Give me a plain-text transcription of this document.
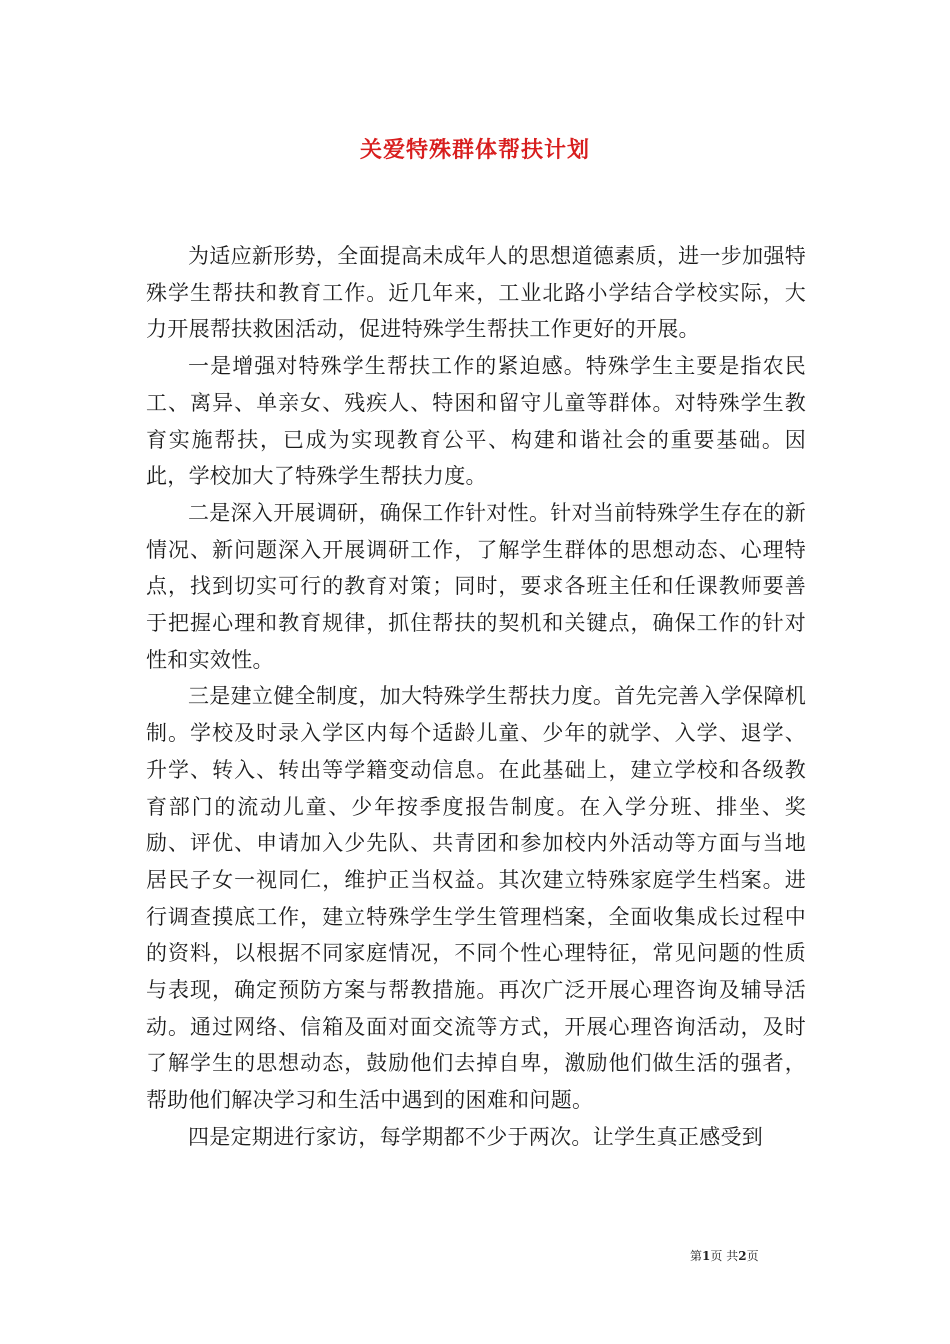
关爱特殊群体帮扶计划

为适应新形势，全面提高未成年人的思想道德素质，进一步加强特殊学生帮扶和教育工作。近几年来，工业北路小学结合学校实际，大力开展帮扶救困活动，促进特殊学生帮扶工作更好的开展。

一是增强对特殊学生帮扶工作的紧迫感。特殊学生主要是指农民工、离异、单亲女、残疾人、特困和留守儿童等群体。对特殊学生教育实施帮扶，已成为实现教育公平、构建和谐社会的重要基础。因此，学校加大了特殊学生帮扶力度。

二是深入开展调研，确保工作针对性。针对当前特殊学生存在的新情况、新问题深入开展调研工作，了解学生群体的思想动态、心理特点，找到切实可行的教育对策；同时，要求各班主任和任课教师要善于把握心理和教育规律，抓住帮扶的契机和关键点，确保工作的针对性和实效性。

三是建立健全制度，加大特殊学生帮扶力度。首先完善入学保障机制。学校及时录入学区内每个适龄儿童、少年的就学、入学、退学、升学、转入、转出等学籍变动信息。在此基础上，建立学校和各级教育部门的流动儿童、少年按季度报告制度。在入学分班、排坐、奖励、评优、申请加入少先队、共青团和参加校内外活动等方面与当地居民子女一视同仁，维护正当权益。其次建立特殊家庭学生档案。进行调查摸底工作，建立特殊学生学生管理档案，全面收集成长过程中的资料，以根据不同家庭情况，不同个性心理特征，常见问题的性质与表现，确定预防方案与帮教措施。再次广泛开展心理咨询及辅导活动。通过网络、信箱及面对面交流等方式，开展心理咨询活动，及时了解学生的思想动态，鼓励他们去掉自卑，激励他们做生活的强者，帮助他们解决学习和生活中遇到的困难和问题。

四是定期进行家访，每学期都不少于两次。让学生真正感受到

第1页 共2页
